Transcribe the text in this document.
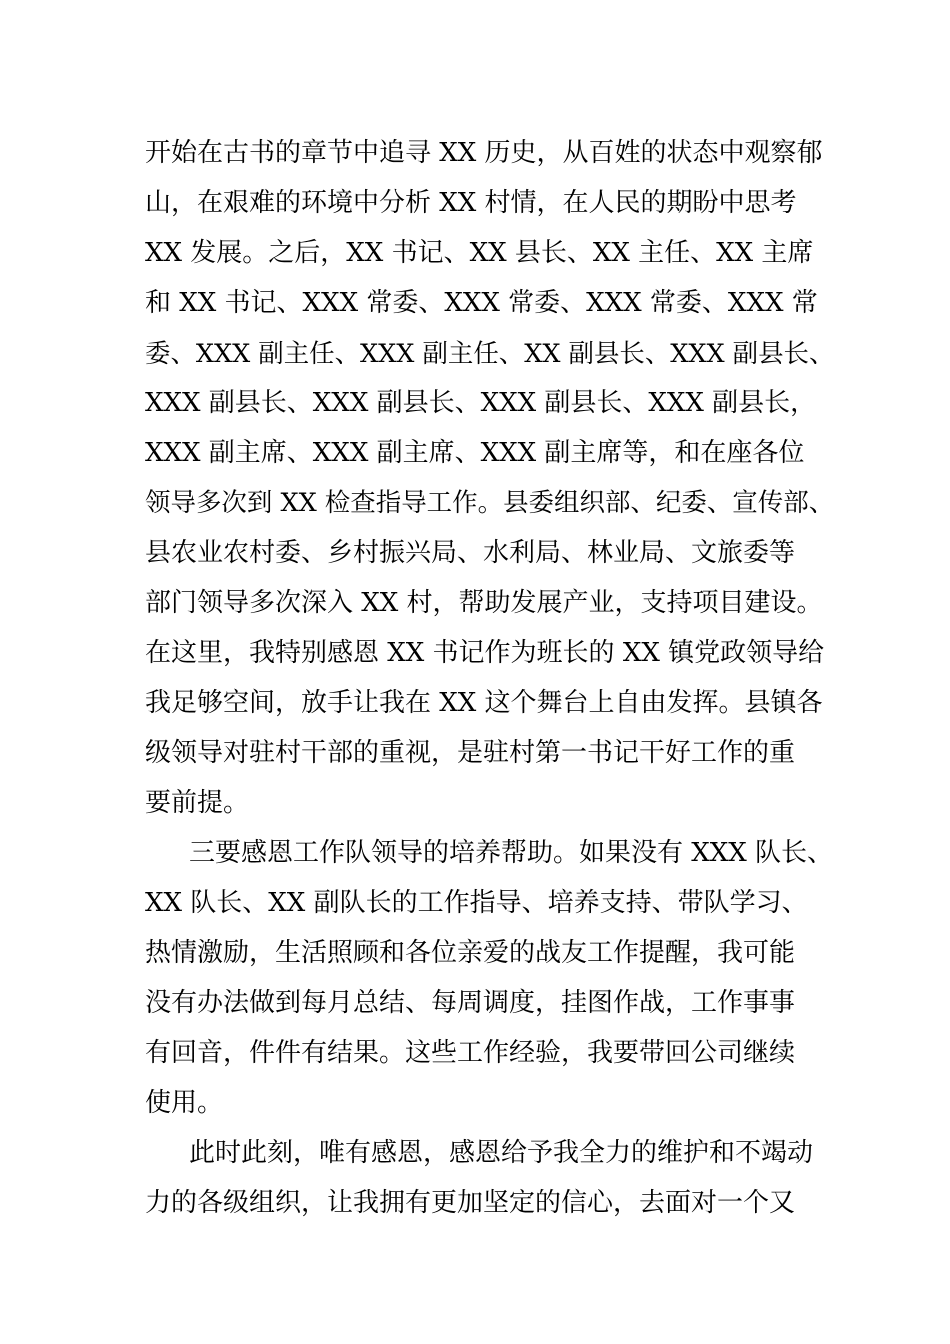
开始在古书的章节中追寻 XX 历史，从百姓的状态中观察郁
山，在艰难的环境中分析 XX 村情，在人民的期盼中思考
XX 发展。之后，XX 书记、XX 县长、XX 主任、XX 主席
和 XX 书记、XXX 常委、XXX 常委、XXX 常委、XXX 常
委、XXX 副主任、XXX 副主任、XX 副县长、XXX 副县长、
XXX 副县长、XXX 副县长、XXX 副县长、XXX 副县长，
XXX 副主席、XXX 副主席、XXX 副主席等，和在座各位
领导多次到 XX 检查指导工作。县委组织部、纪委、宣传部、
县农业农村委、乡村振兴局、水利局、林业局、文旅委等
部门领导多次深入 XX 村，帮助发展产业，支持项目建设。
在这里，我特别感恩 XX 书记作为班长的 XX 镇党政领导给
我足够空间，放手让我在 XX 这个舞台上自由发挥。县镇各
级领导对驻村干部的重视，是驻村第一书记干好工作的重
要前提。

三要感恩工作队领导的培养帮助。如果没有 XXX 队长、
XX 队长、XX 副队长的工作指导、培养支持、带队学习、
热情激励，生活照顾和各位亲爱的战友工作提醒，我可能
没有办法做到每月总结、每周调度，挂图作战，工作事事
有回音，件件有结果。这些工作经验，我要带回公司继续
使用。

此时此刻，唯有感恩，感恩给予我全力的维护和不竭动
力的各级组织，让我拥有更加坚定的信心，去面对一个又
